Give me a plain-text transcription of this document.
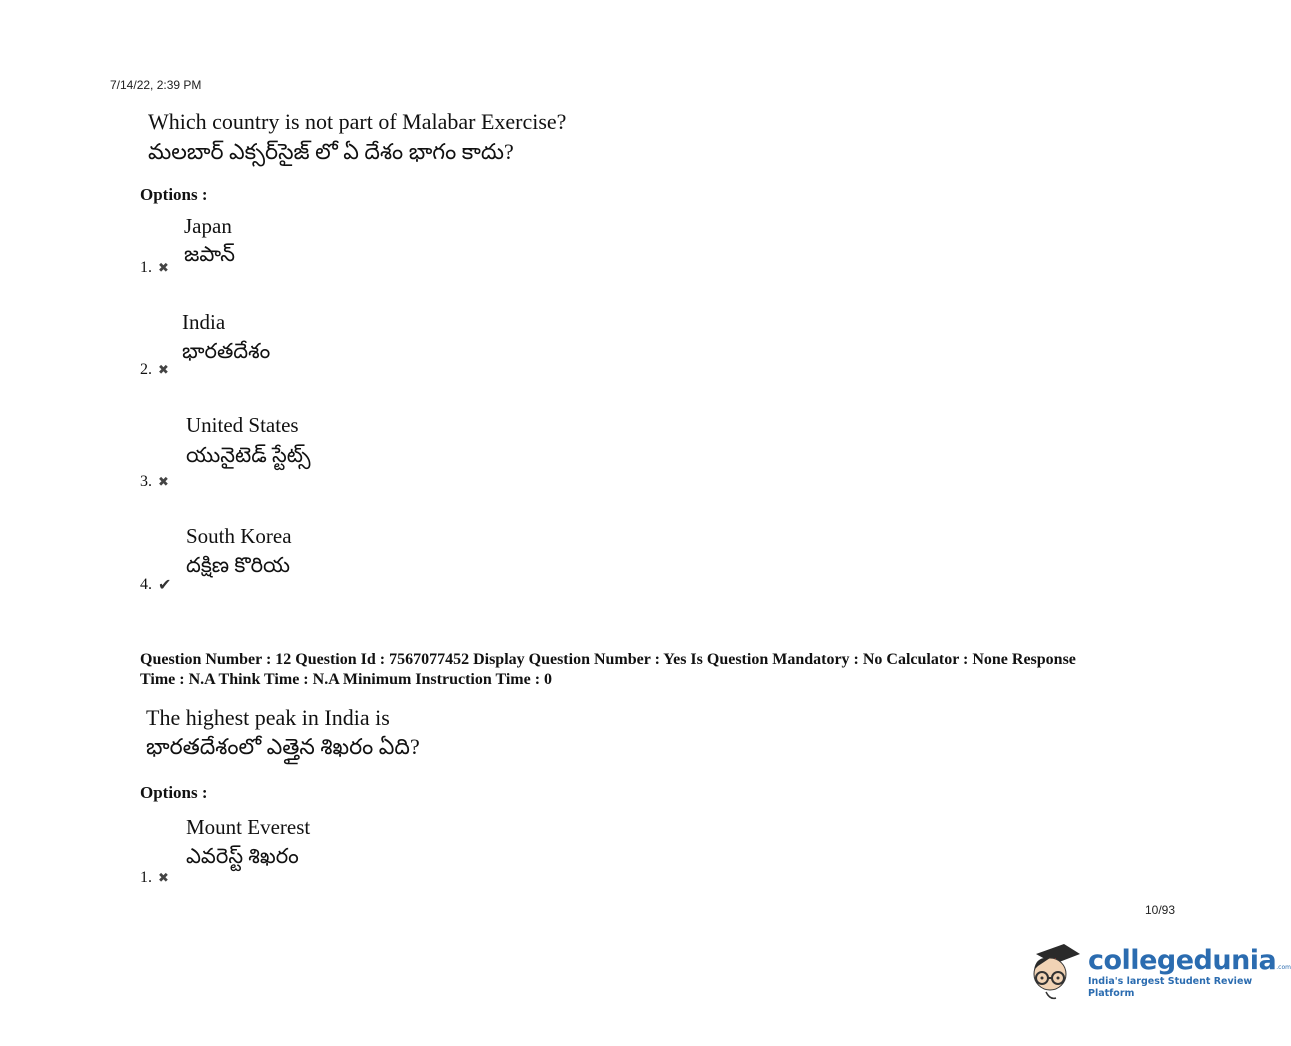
7/14/22, 2:39 PM
Which country is not part of Malabar Exercise?
మలబార్ ఎక్సర్‌సైజ్ లో ఏ దేశం భాగం కాదు?
Options :
Japan
జపాన్
1. ✖
India
భారతదేశం
2. ✖
United States
యునైటెడ్ స్టేట్స్
3. ✖
South Korea
దక్షిణ కొరియ
4. ✔
Question Number : 12 Question Id : 7567077452 Display Question Number : Yes Is Question Mandatory : No Calculator : None Response
Time : N.A Think Time : N.A Minimum Instruction Time : 0
The highest peak in India is
భారతదేశంలో ఎత్తైన శిఖరం ఏది?
Options :
Mount Everest
ఎవరెస్ట్ శిఖరం
1. ✖
10/93
collegedunia.com
India's largest Student Review Platform
